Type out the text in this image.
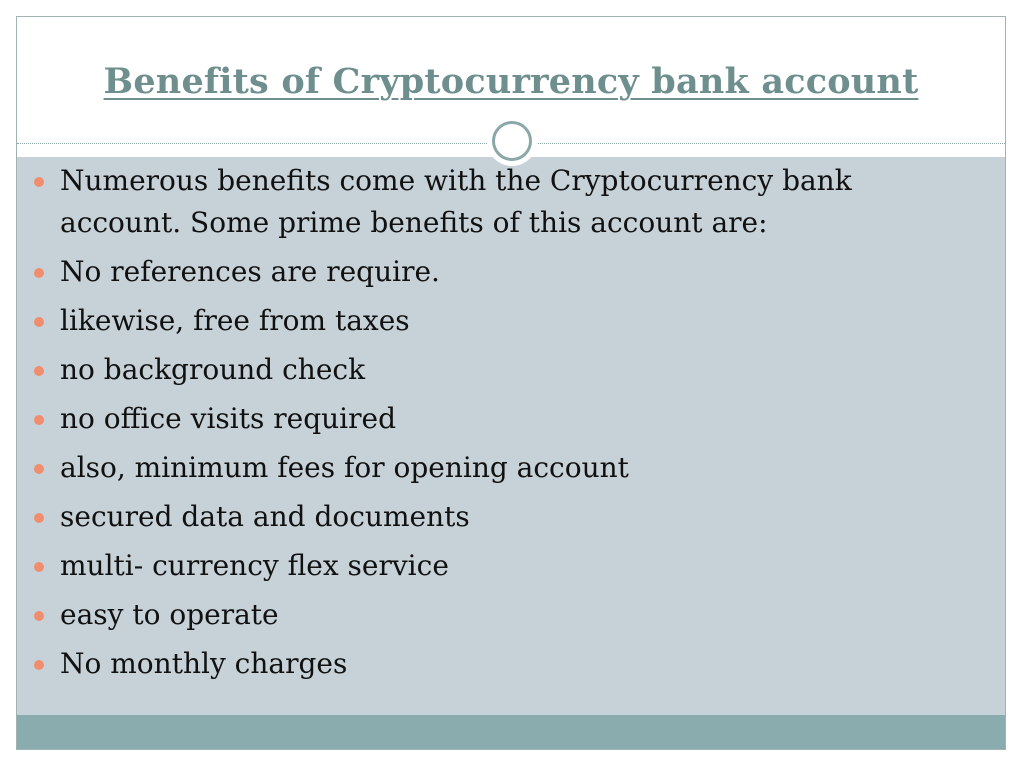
Benefits of Cryptocurrency bank account
Numerous benefits come with the Cryptocurrency bank account. Some prime benefits of this account are:
No references are require.
likewise, free from taxes
no background check
no office visits required
also, minimum fees for opening account
secured data and documents
multi- currency flex service
easy to operate
No monthly charges
